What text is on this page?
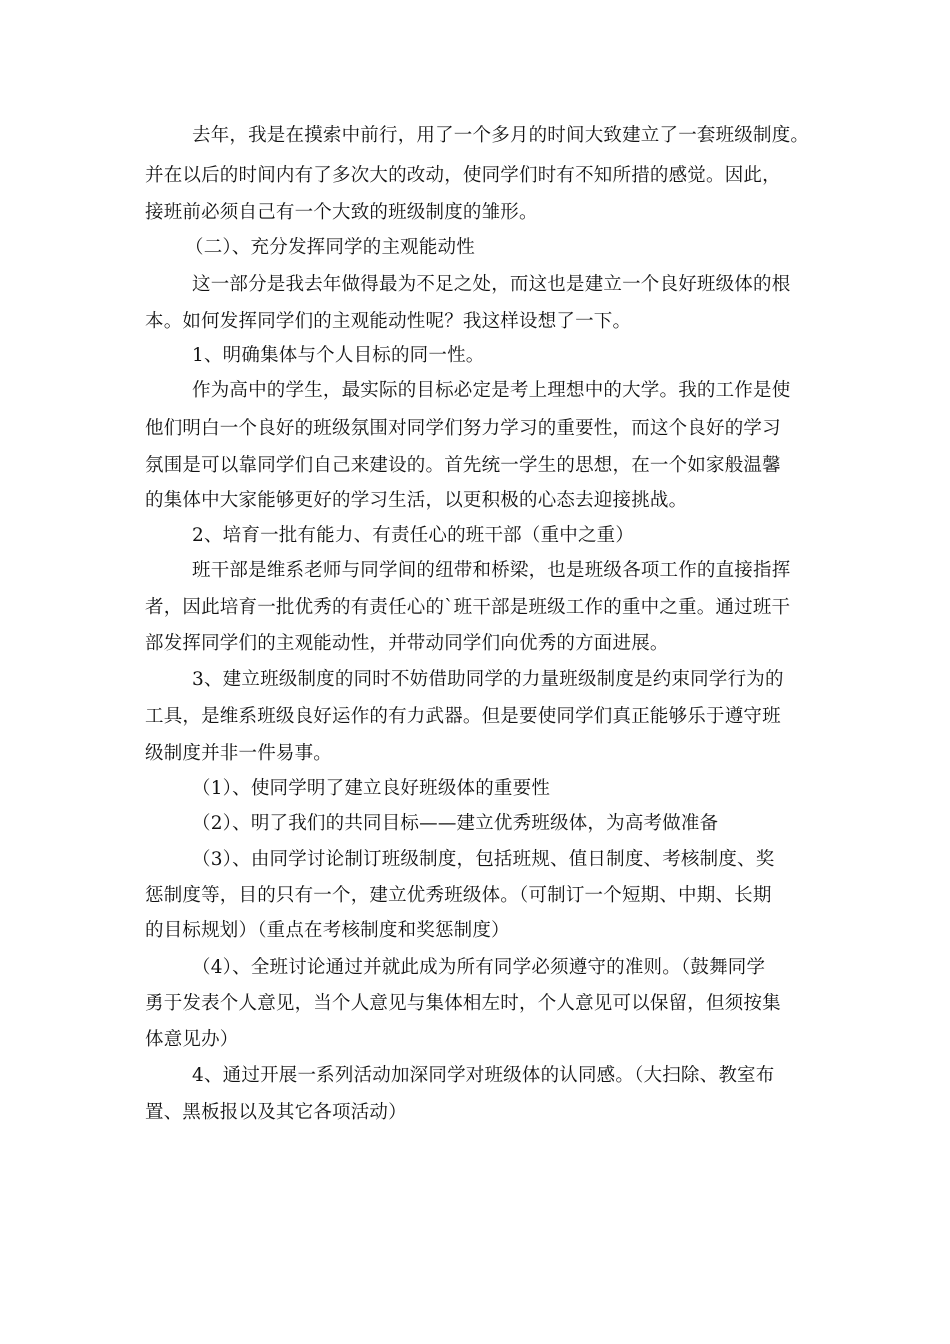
去年，我是在摸索中前行，用了一个多月的时间大致建立了一套班级制度。
并在以后的时间内有了多次大的改动，使同学们时有不知所措的感觉。因此，
接班前必须自己有一个大致的班级制度的雏形。
（二）、充分发挥同学的主观能动性
这一部分是我去年做得最为不足之处，而这也是建立一个良好班级体的根
本。如何发挥同学们的主观能动性呢？我这样设想了一下。
1、明确集体与个人目标的同一性。
作为高中的学生，最实际的目标必定是考上理想中的大学。我的工作是使
他们明白一个良好的班级氛围对同学们努力学习的重要性，而这个良好的学习
氛围是可以靠同学们自己来建设的。首先统一学生的思想，在一个如家般温馨
的集体中大家能够更好的学习生活，以更积极的心态去迎接挑战。
2、培育一批有能力、有责任心的班干部（重中之重）
班干部是维系老师与同学间的纽带和桥梁，也是班级各项工作的直接指挥
者，因此培育一批优秀的有责任心的`班干部是班级工作的重中之重。通过班干
部发挥同学们的主观能动性，并带动同学们向优秀的方面进展。
3、建立班级制度的同时不妨借助同学的力量班级制度是约束同学行为的
工具，是维系班级良好运作的有力武器。但是要使同学们真正能够乐于遵守班
级制度并非一件易事。
（1）、使同学明了建立良好班级体的重要性
（2）、明了我们的共同目标——建立优秀班级体，为高考做准备
（3）、由同学讨论制订班级制度，包括班规、值日制度、考核制度、奖
惩制度等，目的只有一个，建立优秀班级体。（可制订一个短期、中期、长期
的目标规划）（重点在考核制度和奖惩制度）
（4）、全班讨论通过并就此成为所有同学必须遵守的准则。（鼓舞同学
勇于发表个人意见，当个人意见与集体相左时，个人意见可以保留，但须按集
体意见办）
4、通过开展一系列活动加深同学对班级体的认同感。（大扫除、教室布
置、黑板报以及其它各项活动）
